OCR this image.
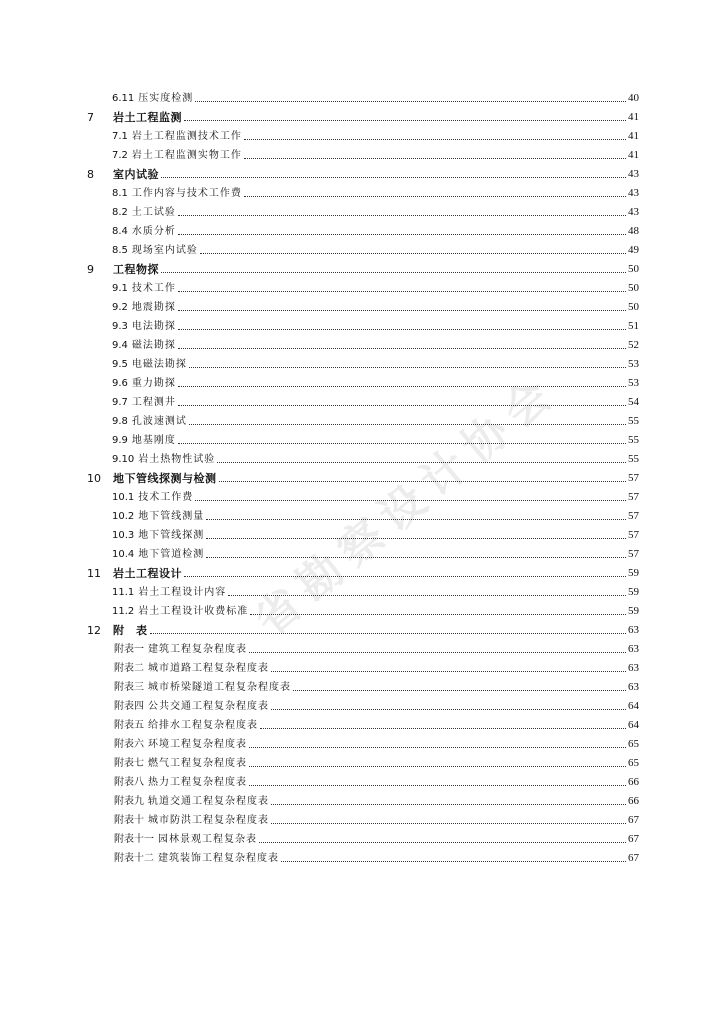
省勘察设计协会
6.11 压实度检测	40
7	岩土工程监测	41
7.1 岩土工程监测技术工作	41
7.2 岩土工程监测实物工作	41
8	室内试验	43
8.1 工作内容与技术工作费	43
8.2 土工试验	43
8.4 水质分析	48
8.5 现场室内试验	49
9	工程物探	50
9.1 技术工作	50
9.2 地震勘探	50
9.3 电法勘探	51
9.4 磁法勘探	52
9.5 电磁法勘探	53
9.6 重力勘探	53
9.7 工程测井	54
9.8 孔波速测试	55
9.9 地基刚度	55
9.10 岩土热物性试验	55
10	地下管线探测与检测	57
10.1 技术工作费	57
10.2 地下管线测量	57
10.3 地下管线探测	57
10.4 地下管道检测	57
11	岩土工程设计	59
11.1 岩土工程设计内容	59
11.2 岩土工程设计收费标准	59
12	附　表	63
附表一 建筑工程复杂程度表	63
附表二 城市道路工程复杂程度表	63
附表三 城市桥梁隧道工程复杂程度表	63
附表四 公共交通工程复杂程度表	64
附表五 给排水工程复杂程度表	64
附表六 环境工程复杂程度表	65
附表七 燃气工程复杂程度表	65
附表八 热力工程复杂程度表	66
附表九 轨道交通工程复杂程度表	66
附表十 城市防洪工程复杂程度表	67
附表十一 园林景观工程复杂表	67
附表十二 建筑装饰工程复杂程度表	67
